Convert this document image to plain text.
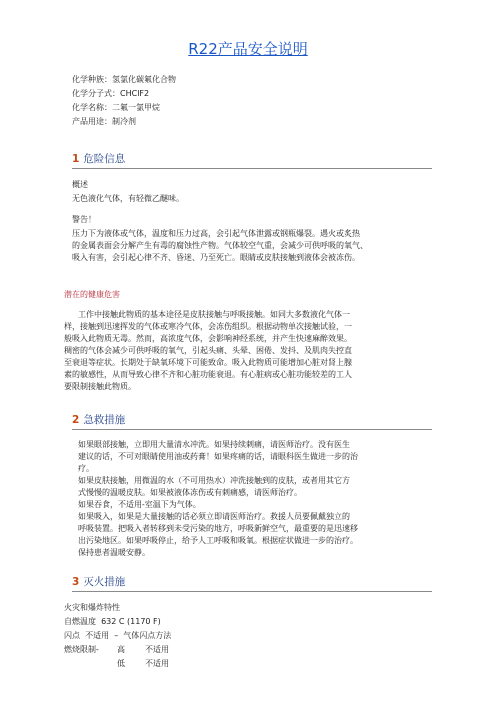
R22产品安全说明
化学种族：氢氯化碳氟化合物
化学分子式：CHClF2
化学名称：二氟一氯甲烷
产品用途：制冷剂
1 危险信息
概述
无色液化气体，有轻微乙醚味。
警告！
压力下为液体或气体，温度和压力过高，会引起气体泄露或钢瓶爆裂。遇火或炙热
的金属表面会分解产生有毒的腐蚀性产物。气体较空气重，会减少可供呼吸的氧气、
吸入有害，会引起心律不齐、昏迷、乃至死亡。眼睛或皮肤接触到液体会被冻伤。
潜在的健康危害
工作中接触此物质的基本途径是皮肤接触与呼吸接触。如同大多数液化气体一
样，接触到迅速挥发的气体或寒冷气体，会冻伤组织。根据动物单次接触试验，一
般吸入此物质无毒。然而，高浓度气体，会影响神经系统，并产生快速麻醉效果。
稠密的气体会减少可供呼吸的氧气，引起头痛、头晕、困倦、发抖、及肌肉失控直
至衰退等症状。长期处于缺氧环境下可能致命。吸入此物质可能增加心脏对肾上腺
素的敏感性，从而导致心律不齐和心脏功能衰退。有心脏病或心脏功能较差的工人
要限制接触此物质。
2 急救措施
如果眼部接触，立即用大量清水冲洗。如果持续刺痛，请医师治疗。没有医生
建议的话，不可对眼睛使用油或药膏！如果疼痛的话，请眼科医生做进一步的治
疗。
如果皮肤接触，用微温的水（不可用热水）冲洗接触到的皮肤，或者用其它方
式慢慢的温暖皮肤。如果被液体冻伤或有刺痛感，请医师治疗。
如果吞食，不适用-室温下为气体。
如果吸入，如果是大量接触的话必须立即请医师治疗。救援人员要佩戴独立的
呼吸装置。把吸入者转移到未受污染的地方，呼吸新鲜空气，最重要的是迅速移
出污染地区。如果呼吸停止，给予人工呼吸和吸氧。根据症状做进一步的治疗。
保持患者温暖安静。
3 灭火措施
火灾和爆炸特性
自燃温度 632 C (1170 F)
闪点 不适用 – 气体闪点方法
燃烧限制- 高	不适用
低	不适用
